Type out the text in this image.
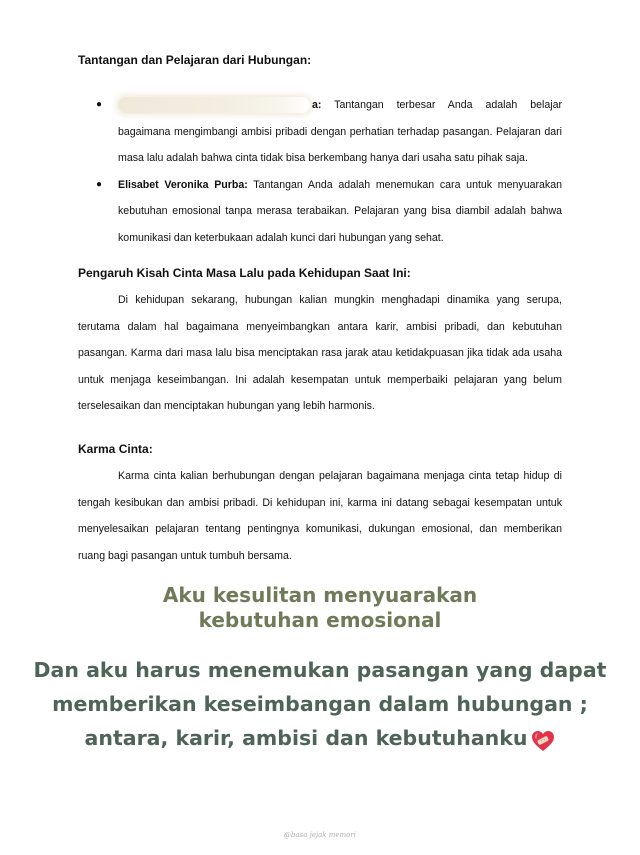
Tantangan dan Pelajaran dari Hubungan:
●	a: Tantangan terbesar Anda adalah belajar bagaimana mengimbangi ambisi pribadi dengan perhatian terhadap pasangan. Pelajaran dari masa lalu adalah bahwa cinta tidak bisa berkembang hanya dari usaha satu pihak saja.
● Elisabet Veronika Purba: Tantangan Anda adalah menemukan cara untuk menyuarakan kebutuhan emosional tanpa merasa terabaikan. Pelajaran yang bisa diambil adalah bahwa komunikasi dan keterbukaan adalah kunci dari hubungan yang sehat.
Pengaruh Kisah Cinta Masa Lalu pada Kehidupan Saat Ini:

Di kehidupan sekarang, hubungan kalian mungkin menghadapi dinamika yang serupa, terutama dalam hal bagaimana menyeimbangkan antara karir, ambisi pribadi, dan kebutuhan pasangan. Karma dari masa lalu bisa menciptakan rasa jarak atau ketidakpuasan jika tidak ada usaha untuk menjaga keseimbangan. Ini adalah kesempatan untuk memperbaiki pelajaran yang belum terselesaikan dan menciptakan hubungan yang lebih harmonis.

Karma Cinta:

Karma cinta kalian berhubungan dengan pelajaran bagaimana menjaga cinta tetap hidup di tengah kesibukan dan ambisi pribadi. Di kehidupan ini, karma ini datang sebagai kesempatan untuk menyelesaikan pelajaran tentang pentingnya komunikasi, dukungan emosional, dan memberikan ruang bagi pasangan untuk tumbuh bersama.

Aku kesulitan menyuarakan
kebutuhan emosional
Dan aku harus menemukan pasangan yang dapat
memberikan keseimbangan dalam hubungan ;
antara, karir, ambisi dan kebutuhanku
@basa jejak memori
